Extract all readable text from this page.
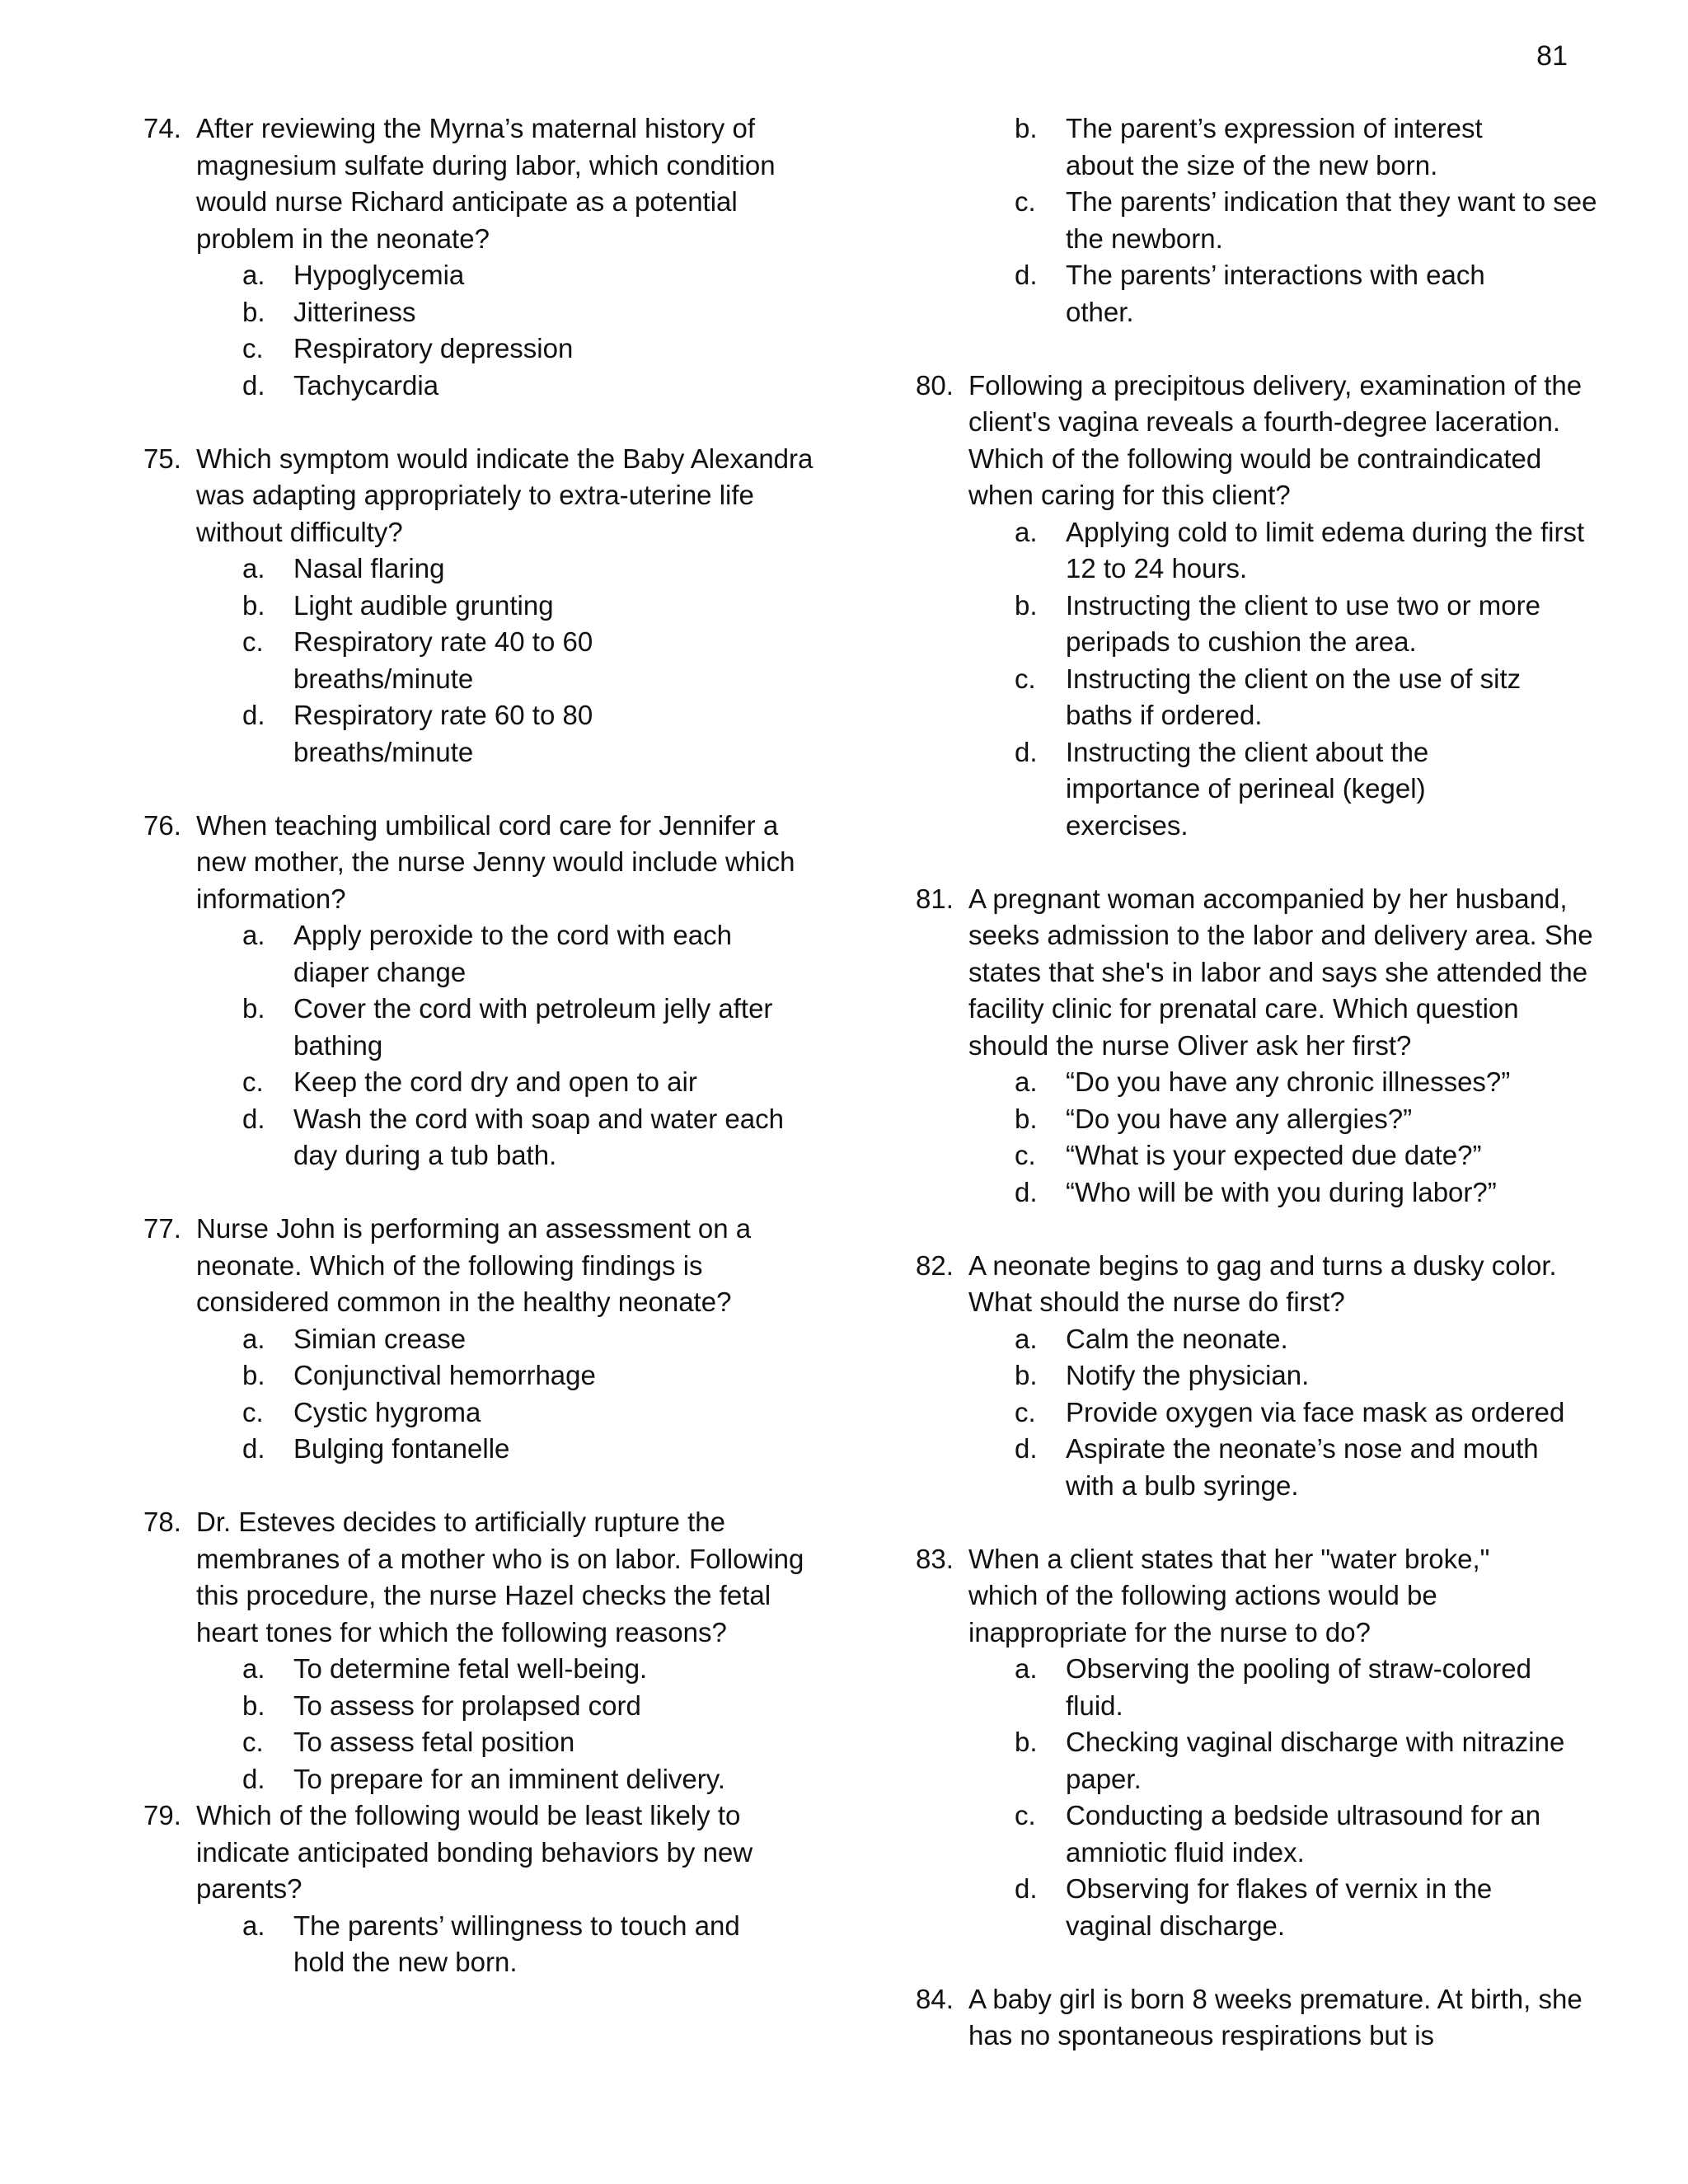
81
74. After reviewing the Myrna’s maternal history of magnesium sulfate during labor, which condition would nurse Richard anticipate as a potential problem in the neonate?
a.	Hypoglycemia
b.	Jitteriness
c.	Respiratory depression
d.	Tachycardia
75. Which symptom would indicate the Baby Alexandra was adapting appropriately to extra-uterine life without difficulty?
a.	Nasal flaring
b.	Light audible grunting
c.	Respiratory rate 40 to 60 breaths/minute
d.	Respiratory rate 60 to 80 breaths/minute
76. When teaching umbilical cord care for Jennifer a new mother, the nurse Jenny would include which information?
a.	Apply peroxide to the cord with each diaper change
b.	Cover the cord with petroleum jelly after bathing
c.	Keep the cord dry and open to air
d.	Wash the cord with soap and water each day during a tub bath.
77. Nurse John is performing an assessment on a neonate. Which of the following findings is considered common in the healthy neonate?
a.	Simian crease
b.	Conjunctival hemorrhage
c.	Cystic hygroma
d.	Bulging fontanelle
78. Dr. Esteves decides to artificially rupture the membranes of a mother who is on labor. Following this procedure, the nurse Hazel checks the fetal heart tones for which the following reasons?
a.	To determine fetal well-being.
b.	To assess for prolapsed cord
c.	To assess fetal position
d.	To prepare for an imminent delivery.
79. Which of the following would be least likely to indicate anticipated bonding behaviors by new parents?
a.	The parents’ willingness to touch and hold the new born.
b.	The parent’s expression of interest about the size of the new born.
c.	The parents’ indication that they want to see the newborn.
d.	The parents’ interactions with each other.
80. Following a precipitous delivery, examination of the client's vagina reveals a fourth-degree laceration. Which of the following would be contraindicated when caring for this client?
a.	Applying cold to limit edema during the first 12 to 24 hours.
b.	Instructing the client to use two or more peripads to cushion the area.
c.	Instructing the client on the use of sitz baths if ordered.
d.	Instructing the client about the importance of perineal (kegel) exercises.
81. A pregnant woman accompanied by her husband, seeks admission to the labor and delivery area. She states that she's in labor and says she attended the facility clinic for prenatal care. Which question should the nurse Oliver ask her first?
a.	“Do you have any chronic illnesses?”
b.	“Do you have any allergies?”
c.	“What is your expected due date?”
d.	“Who will be with you during labor?”
82. A neonate begins to gag and turns a dusky color. What should the nurse do first?
a.	Calm the neonate.
b.	Notify the physician.
c.	Provide oxygen via face mask as ordered
d.	Aspirate the neonate’s nose and mouth with a bulb syringe.
83. When a client states that her "water broke," which of the following actions would be inappropriate for the nurse to do?
a.	Observing the pooling of straw-colored fluid.
b.	Checking vaginal discharge with nitrazine paper.
c.	Conducting a bedside ultrasound for an amniotic fluid index.
d.	Observing for flakes of vernix in the vaginal discharge.
84. A baby girl is born 8 weeks premature. At birth, she has no spontaneous respirations but is
